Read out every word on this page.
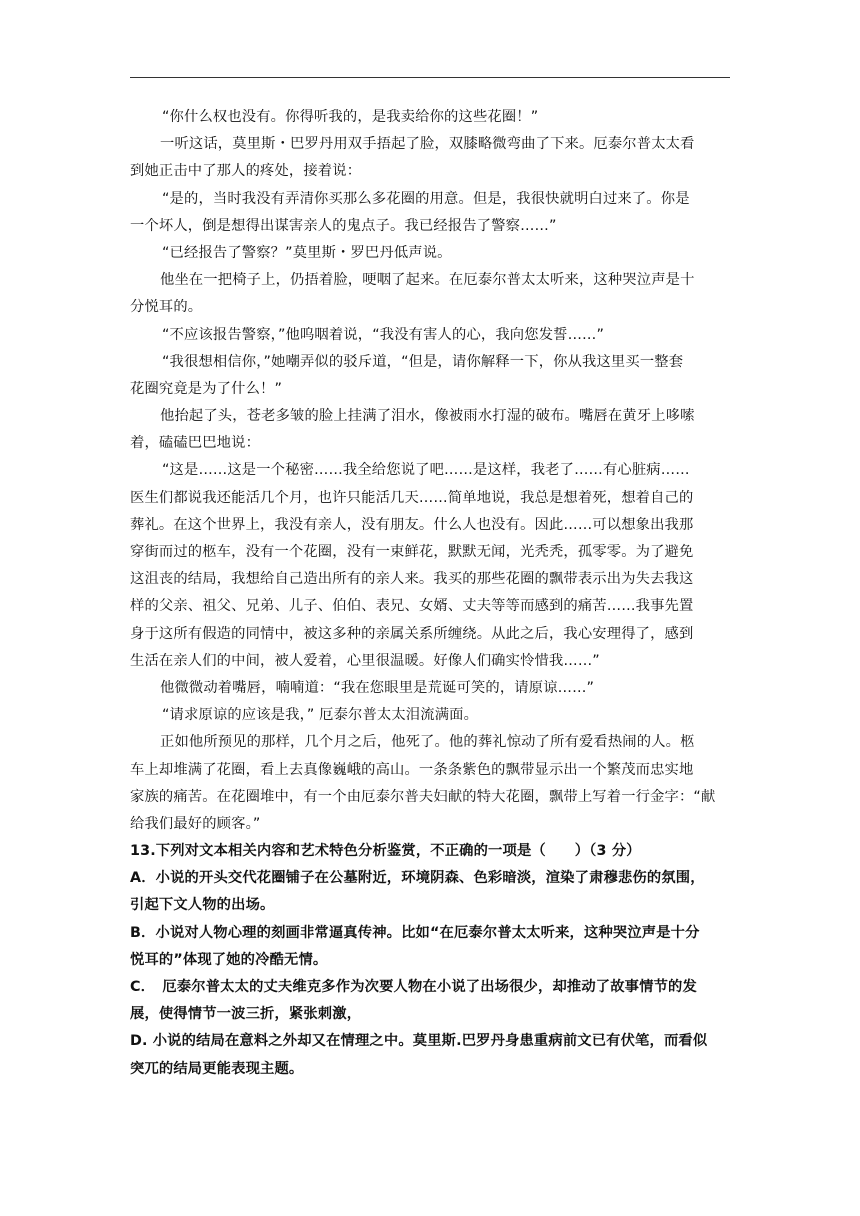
“你什么权也没有。你得听我的，是我卖给你的这些花圈！”
一听这话，莫里斯・巴罗丹用双手捂起了脸，双膝略微弯曲了下来。厄泰尔普太太看
到她正击中了那人的疼处，接着说：
“是的，当时我没有弄清你买那么多花圈的用意。但是，我很快就明白过来了。你是
一个坏人，倒是想得出谋害亲人的鬼点子。我已经报告了警察……”
“已经报告了警察？”莫里斯・罗巴丹低声说。
他坐在一把椅子上，仍捂着脸，哽咽了起来。在厄泰尔普太太听来，这种哭泣声是十
分悦耳的。
“不应该报告警察，”他呜咽着说，“我没有害人的心，我向您发誓……”
“我很想相信你，”她嘲弄似的驳斥道，“但是，请你解释一下，你从我这里买一整套
花圈究竟是为了什么！”
他抬起了头，苍老多皱的脸上挂满了泪水，像被雨水打湿的破布。嘴唇在黄牙上哆嗦
着，磕磕巴巴地说：
“这是……这是一个秘密……我全给您说了吧……是这样，我老了……有心脏病……
医生们都说我还能活几个月，也许只能活几天……简单地说，我总是想着死，想着自己的
葬礼。在这个世界上，我没有亲人，没有朋友。什么人也没有。因此……可以想象出我那
穿街而过的柩车，没有一个花圈，没有一束鲜花，默默无闻，光秃秃，孤零零。为了避免
这沮丧的结局，我想给自己造出所有的亲人来。我买的那些花圈的飘带表示出为失去我这
样的父亲、祖父、兄弟、儿子、伯伯、表兄、女婿、丈夫等等而感到的痛苦……我事先置
身于这所有假造的同情中，被这多种的亲属关系所缠绕。从此之后，我心安理得了，感到
生活在亲人们的中间，被人爱着，心里很温暖。好像人们确实怜惜我……”
他微微动着嘴唇，喃喃道：“我在您眼里是荒诞可笑的，请原谅……”
“请求原谅的应该是我，” 厄泰尔普太太泪流满面。
正如他所预见的那样，几个月之后，他死了。他的葬礼惊动了所有爱看热闹的人。柩
车上却堆满了花圈，看上去真像巍峨的高山。一条条紫色的飘带显示出一个繁茂而忠实地
家族的痛苦。在花圈堆中，有一个由厄泰尔普夫妇献的特大花圈，飘带上写着一行金字：“献
给我们最好的顾客。”
13.下列对文本相关内容和艺术特色分析鉴赏，不正确的一项是（　　）（3 分）
A．小说的开头交代花圈铺子在公墓附近，环境阴森、色彩暗淡，渲染了肃穆悲伤的氛围，
引起下文人物的出场。
B．小说对人物心理的刻画非常逼真传神。比如“在厄泰尔普太太听来，这种哭泣声是十分
悦耳的”体现了她的冷酷无情。
C．　厄泰尔普太太的丈夫维克多作为次要人物在小说了出场很少，却推动了故事情节的发
展，使得情节一波三折，紧张刺激，
D. 小说的结局在意料之外却又在情理之中。莫里斯.巴罗丹身患重病前文已有伏笔，而看似
突兀的结局更能表现主题。
